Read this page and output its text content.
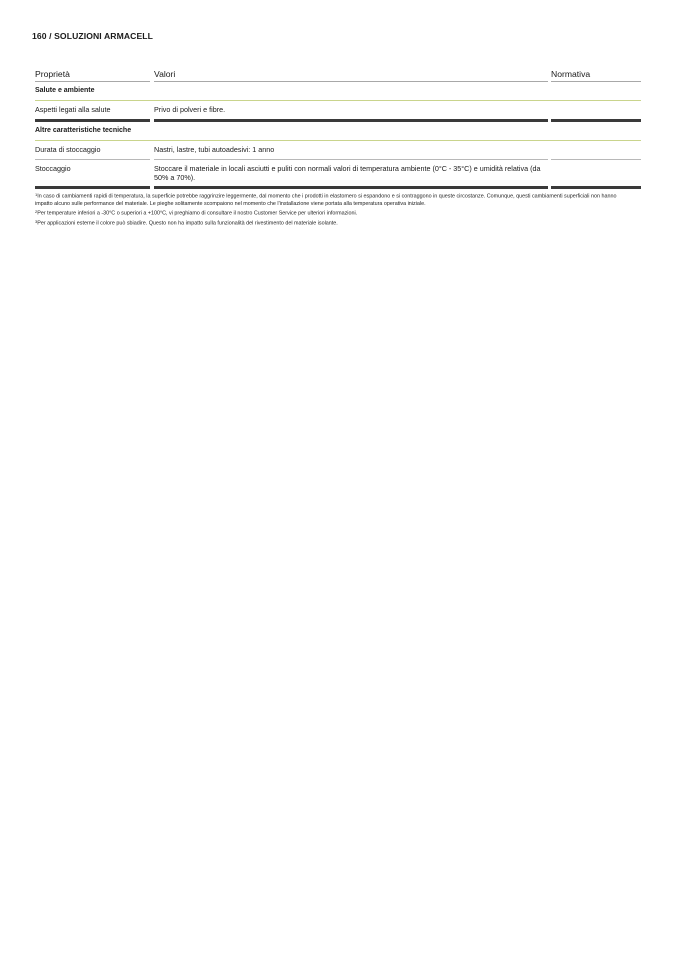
160 / SOLUZIONI ARMACELL
Proprietà	Valori	Normativa
Salute e ambiente
Aspetti legati alla salute	Privo di polveri e fibre.
Altre caratteristiche tecniche
Durata di stoccaggio	Nastri, lastre, tubi autoadesivi: 1 anno
Stoccaggio	Stoccare il materiale in locali asciutti e puliti con normali valori di temperatura ambiente (0°C - 35°C) e umidità relativa (da 50% a 70%).

$^1$In caso di cambiamenti rapidi di temperatura, la superficie potrebbe raggrinzire leggermente, dal momento che i prodotti in elastomero si espandono e si contraggono in queste circostanze. Comunque, questi cambiamenti superficiali non hanno impatto alcuno sulle performance del materiale. Le pieghe solitamente scompaiono nel momento che l'installazione viene portata alla temperatura operativa iniziale.

$^2$Per temperature inferiori a -30°C o superiori a +100°C, vi preghiamo di consultare il nostro Customer Service per ulteriori informazioni.

$^3$Per applicazioni esterne il colore può sbiadire. Questo non ha impatto sulla funzionalità del rivestimento del materiale isolante.
